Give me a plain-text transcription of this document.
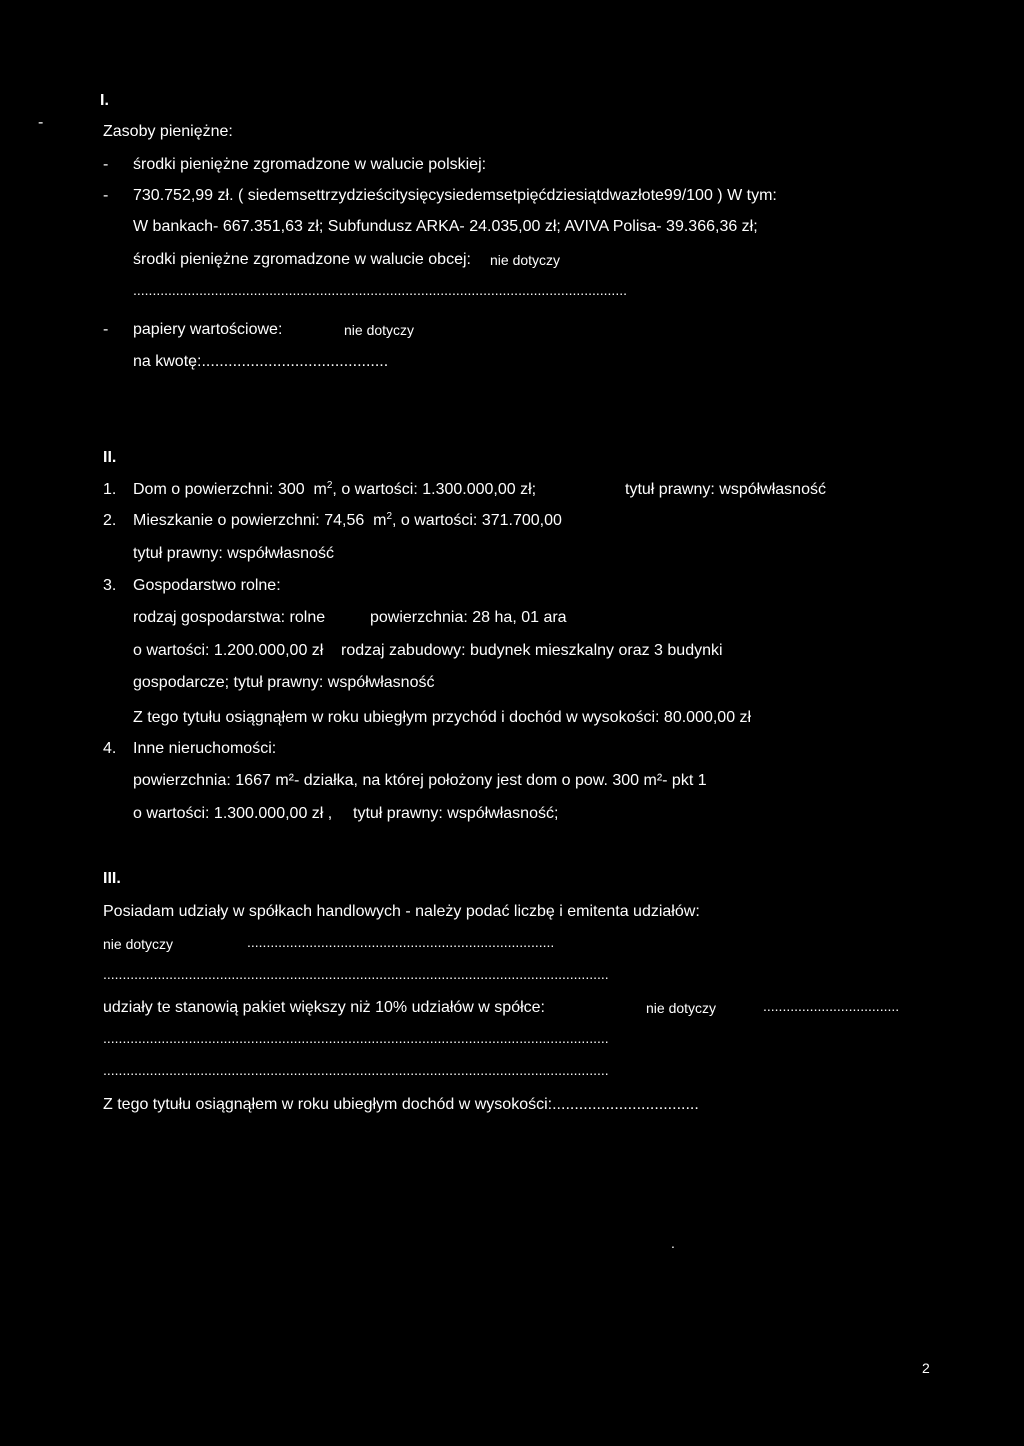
I.
-
Zasoby pieniężne:
- środki pieniężne zgromadzone w walucie polskiej:
- 730.752,99 zł. ( siedemsettrzydzieścitysięcysiedemsetpięćdziesiątdwazłote99/100 ) W tym:
W bankach- 667.351,63 zł; Subfundusz ARKA- 24.035,00 zł; AVIVA Polisa- 39.366,36 zł;
środki pieniężne zgromadzone w walucie obcej: nie dotyczy
...............................................................................................................................
- papiery wartościowe:	nie dotyczy
na kwotę:..........................................
II.
1. Dom o powierzchni: 300 $m^2$, o wartości: 1.300.000,00 zł;	tytuł prawny: współwłasność
2. Mieszkanie o powierzchni: 74,56 $m^2$, o wartości: 371.700,00
tytuł prawny: współwłasność
3. Gospodarstwo rolne:
rodzaj gospodarstwa: rolne	powierzchnia: 28 ha, 01 ara
o wartości: 1.200.000,00 zł rodzaj zabudowy: budynek mieszkalny oraz 3 budynki
gospodarcze; tytuł prawny: współwłasność
Z tego tytułu osiągnąłem w roku ubiegłym przychód i dochód w wysokości: 80.000,00 zł
4. Inne nieruchomości:
powierzchnia: 1667 m²- działka, na której położony jest dom o pow. 300 m²- pkt 1
o wartości: 1.300.000,00 zł , tytuł prawny: współwłasność;
III.
Posiadam udziały w spółkach handlowych - należy podać liczbę i emitenta udziałów:
nie dotyczy	...............................................................................
..................................................................................................................................
udziały te stanowią pakiet większy niż 10% udziałów w spółce:	nie dotyczy	...................................
..................................................................................................................................
..................................................................................................................................
Z tego tytułu osiągnąłem w roku ubiegłym dochód w wysokości:.................................
.
2
